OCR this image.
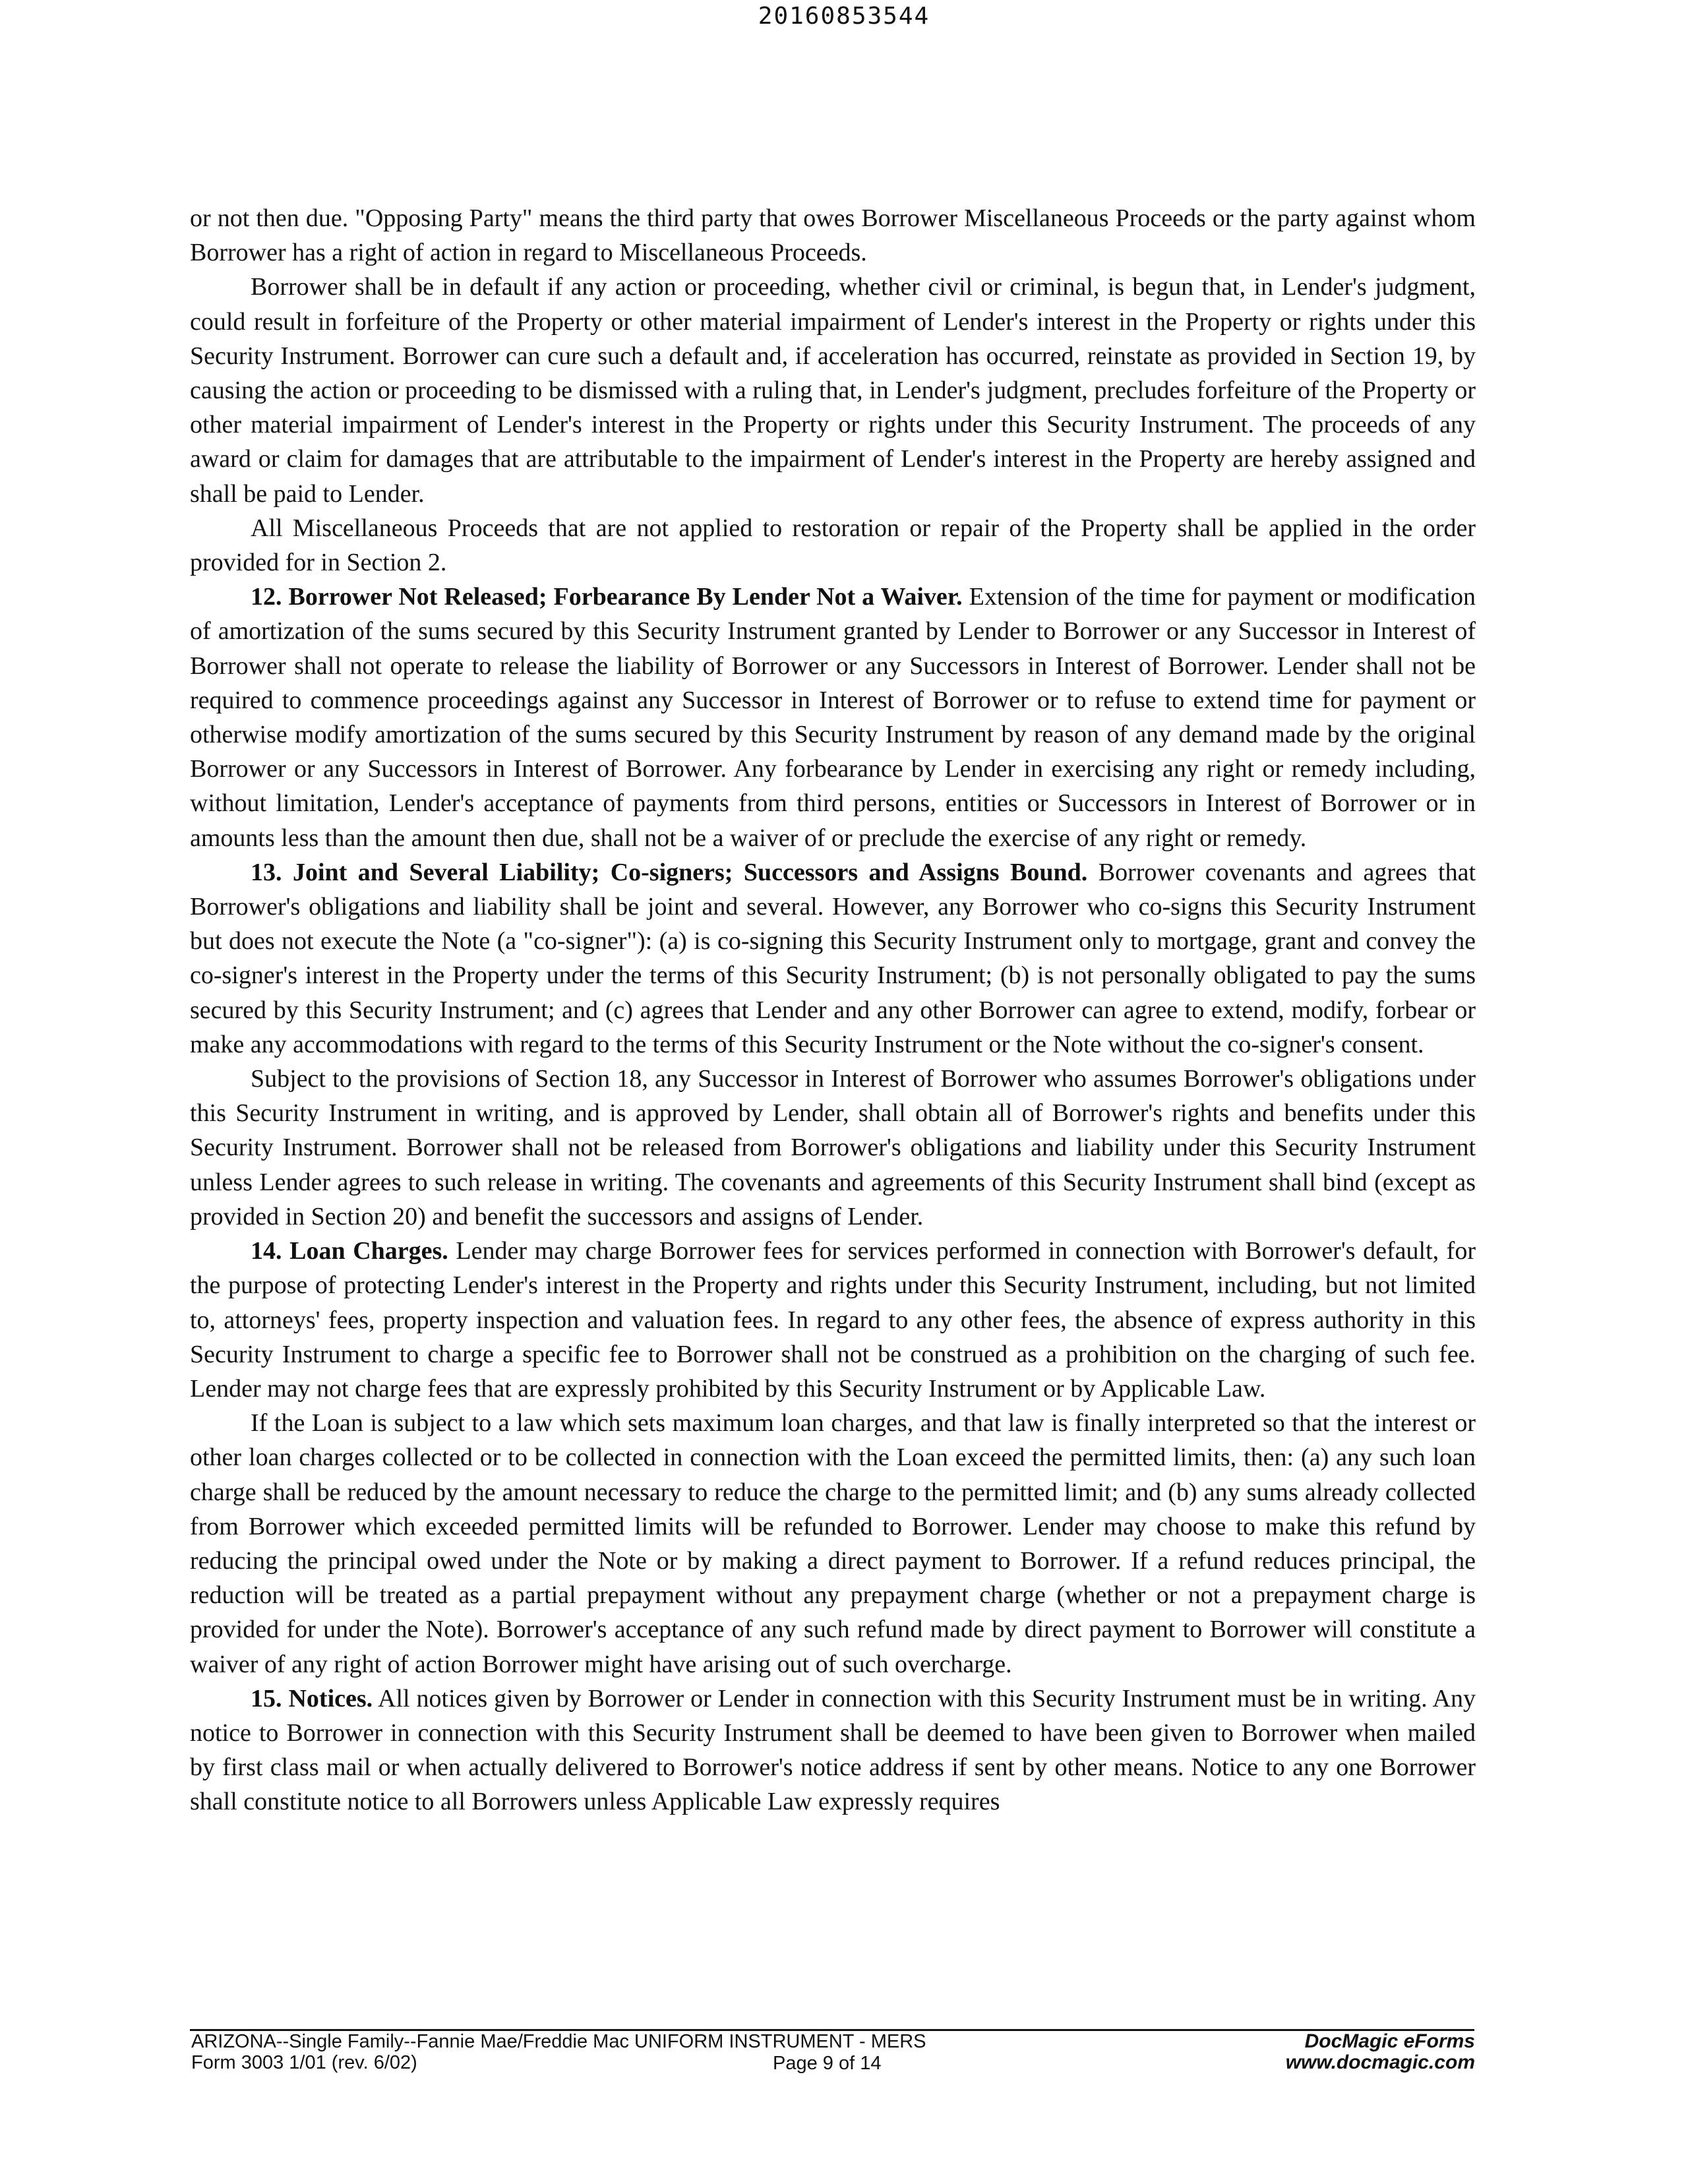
20160853544

or not then due. "Opposing Party" means the third party that owes Borrower Miscellaneous Proceeds or the party against whom Borrower has a right of action in regard to Miscellaneous Proceeds.

Borrower shall be in default if any action or proceeding, whether civil or criminal, is begun that, in Lender's judgment, could result in forfeiture of the Property or other material impairment of Lender's interest in the Property or rights under this Security Instrument. Borrower can cure such a default and, if acceleration has occurred, reinstate as provided in Section 19, by causing the action or proceeding to be dismissed with a ruling that, in Lender's judgment, precludes forfeiture of the Property or other material impairment of Lender's interest in the Property or rights under this Security Instrument. The proceeds of any award or claim for damages that are attributable to the impairment of Lender's interest in the Property are hereby assigned and shall be paid to Lender.

All Miscellaneous Proceeds that are not applied to restoration or repair of the Property shall be applied in the order provided for in Section 2.

12. Borrower Not Released; Forbearance By Lender Not a Waiver. Extension of the time for payment or modification of amortization of the sums secured by this Security Instrument granted by Lender to Borrower or any Successor in Interest of Borrower shall not operate to release the liability of Borrower or any Successors in Interest of Borrower. Lender shall not be required to commence proceedings against any Successor in Interest of Borrower or to refuse to extend time for payment or otherwise modify amortization of the sums secured by this Security Instrument by reason of any demand made by the original Borrower or any Successors in Interest of Borrower. Any forbearance by Lender in exercising any right or remedy including, without limitation, Lender's acceptance of payments from third persons, entities or Successors in Interest of Borrower or in amounts less than the amount then due, shall not be a waiver of or preclude the exercise of any right or remedy.

13. Joint and Several Liability; Co-signers; Successors and Assigns Bound. Borrower covenants and agrees that Borrower's obligations and liability shall be joint and several. However, any Borrower who co-signs this Security Instrument but does not execute the Note (a "co-signer"): (a) is co-signing this Security Instrument only to mortgage, grant and convey the co-signer's interest in the Property under the terms of this Security Instrument; (b) is not personally obligated to pay the sums secured by this Security Instrument; and (c) agrees that Lender and any other Borrower can agree to extend, modify, forbear or make any accommodations with regard to the terms of this Security Instrument or the Note without the co-signer's consent.

Subject to the provisions of Section 18, any Successor in Interest of Borrower who assumes Borrower's obligations under this Security Instrument in writing, and is approved by Lender, shall obtain all of Borrower's rights and benefits under this Security Instrument. Borrower shall not be released from Borrower's obligations and liability under this Security Instrument unless Lender agrees to such release in writing. The covenants and agreements of this Security Instrument shall bind (except as provided in Section 20) and benefit the successors and assigns of Lender.

14. Loan Charges. Lender may charge Borrower fees for services performed in connection with Borrower's default, for the purpose of protecting Lender's interest in the Property and rights under this Security Instrument, including, but not limited to, attorneys' fees, property inspection and valuation fees. In regard to any other fees, the absence of express authority in this Security Instrument to charge a specific fee to Borrower shall not be construed as a prohibition on the charging of such fee. Lender may not charge fees that are expressly prohibited by this Security Instrument or by Applicable Law.

If the Loan is subject to a law which sets maximum loan charges, and that law is finally interpreted so that the interest or other loan charges collected or to be collected in connection with the Loan exceed the permitted limits, then: (a) any such loan charge shall be reduced by the amount necessary to reduce the charge to the permitted limit; and (b) any sums already collected from Borrower which exceeded permitted limits will be refunded to Borrower. Lender may choose to make this refund by reducing the principal owed under the Note or by making a direct payment to Borrower. If a refund reduces principal, the reduction will be treated as a partial prepayment without any prepayment charge (whether or not a prepayment charge is provided for under the Note). Borrower's acceptance of any such refund made by direct payment to Borrower will constitute a waiver of any right of action Borrower might have arising out of such overcharge.

15. Notices. All notices given by Borrower or Lender in connection with this Security Instrument must be in writing. Any notice to Borrower in connection with this Security Instrument shall be deemed to have been given to Borrower when mailed by first class mail or when actually delivered to Borrower's notice address if sent by other means. Notice to any one Borrower shall constitute notice to all Borrowers unless Applicable Law expressly requires

ARIZONA--Single Family--Fannie Mae/Freddie Mac UNIFORM INSTRUMENT - MERS
Form 3003 1/01 (rev. 6/02)	Page 9 of 14
DocMagic eForms
www.docmagic.com
